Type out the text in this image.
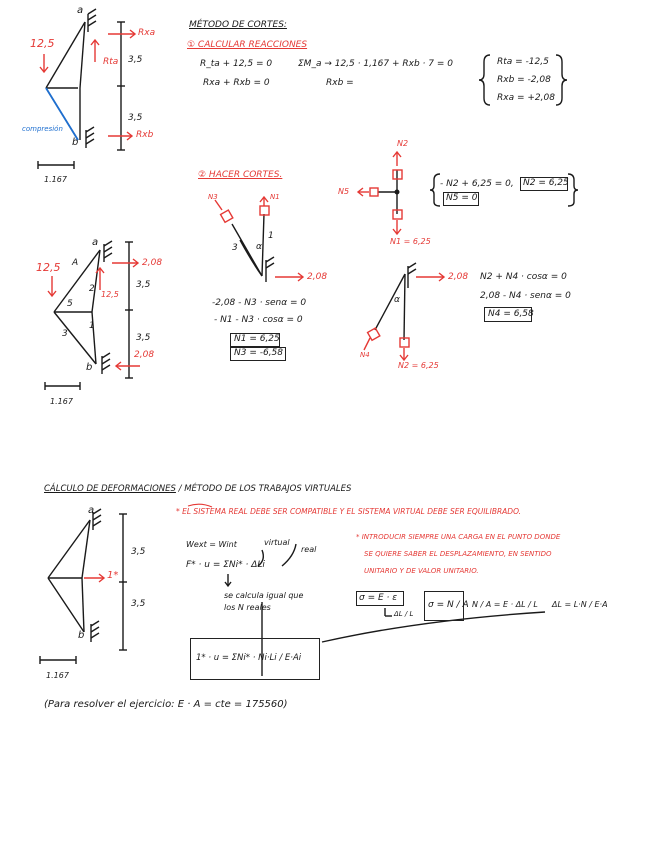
a
12,5
Rxa
Rta 3,5
3,5
compresión
b
Rxb
1.167
MÉTODO DE CORTES:
① CALCULAR REACCIONES
R_ta + 12,5 = 0
Rxa + Rxb = 0
ΣM_a → 12,5 · 1,167 + Rxb · 7 = 0
Rxb =
Rta = -12,5
Rxb = -2,08
Rxa = +2,08
② HACER CORTES.
N3	N1
1
3 α
2,08
-2,08 - N3 · senα = 0
- N1 - N3 · cosα = 0
N1 = 6,25
N3 = -6,58
N2
N5
N1 = 6,25
- N2 + 6,25 = 0, N2 = 6,25
N5 = 0
2,08
α
N4
N2 = 6,25
N2 + N4 · cosα = 0
2,08 - N4 · senα = 0
N4 = 6,58
A
a
12,5
12,5
2,08
2,08
3,5
3,5
1
2
3
5
b
1.167
CÁLCULO DE DEFORMACIONES / MÉTODO DE LOS TRABAJOS VIRTUALES
* EL SISTEMA REAL DEBE SER COMPATIBLE Y EL SISTEMA VIRTUAL DEBE SER EQUILIBRADO.
Wext = Wint	virtual
real
F* · u = ΣNi* · ΔLi
se calcula igual que
los N reales
* INTRODUCIR SIEMPRE UNA CARGA EN EL PUNTO DONDE
SE QUIERE SABER EL DESPLAZAMIENTO, EN SENTIDO
UNITARIO Y DE VALOR UNITARIO.
σ = E · ε
ΔL / L
σ = N / A N / A = E · ΔL / L ΔL = L·N / E·A
1* · u = ΣNi* · Ni·Li / E·Ai
a
1*
3,5
3,5
b
1.167
(Para resolver el ejercicio: E · A = cte = 175560)
